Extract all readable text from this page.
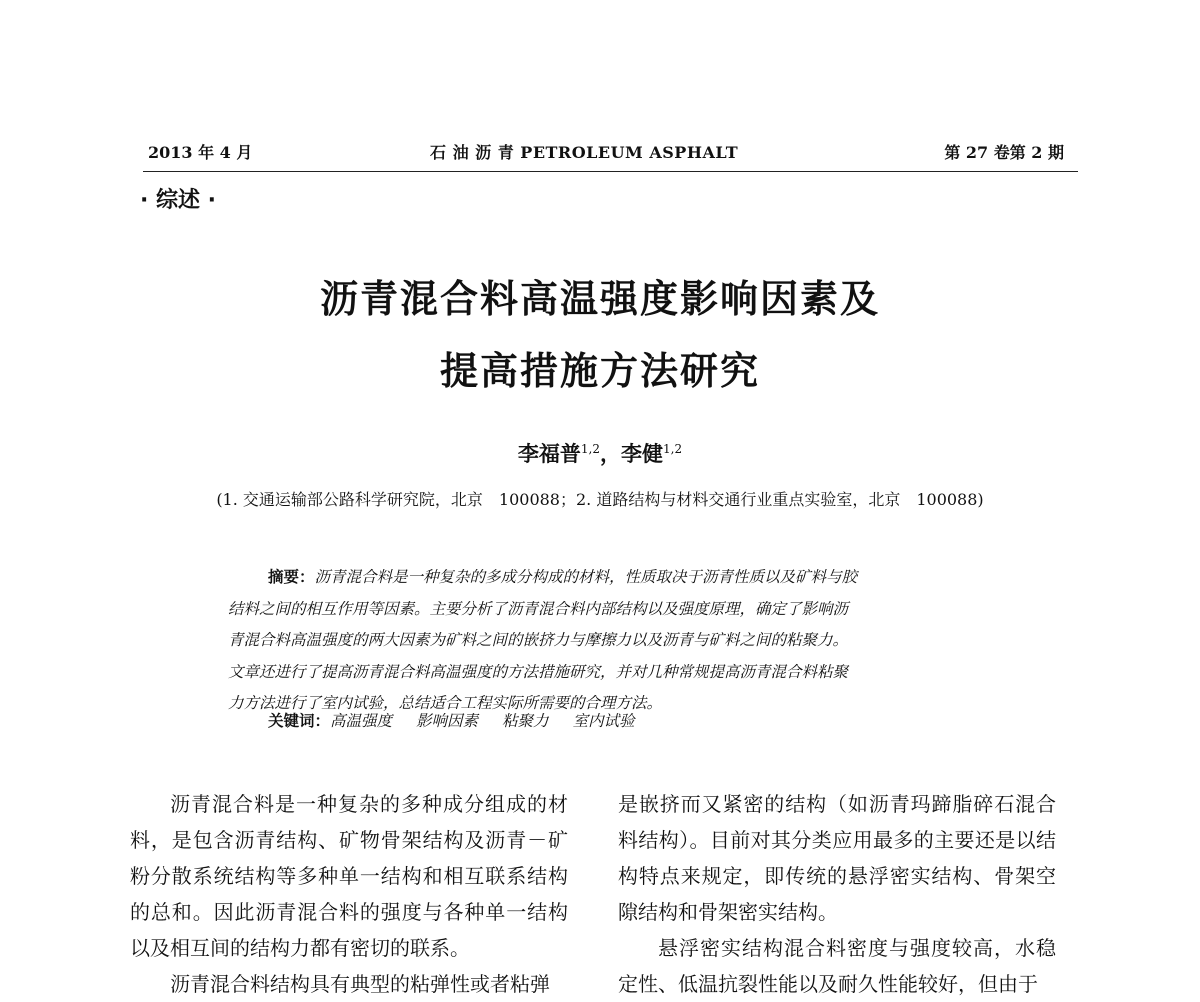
2013 年 4 月	石 油 沥 青 PETROLEUM ASPHALT	第 27 卷第 2 期
· 综述 ·
沥青混合料高温强度影响因素及
提高措施方法研究
李福普$^{1,2}$，李健$^{1,2}$
(1. 交通运输部公路科学研究院，北京　100088；2. 道路结构与材料交通行业重点实验室，北京　100088)
摘要：沥青混合料是一种复杂的多成分构成的材料，性质取决于沥青性质以及矿料与胶
结料之间的相互作用等因素。主要分析了沥青混合料内部结构以及强度原理，确定了影响沥
青混合料高温强度的两大因素为矿料之间的嵌挤力与摩擦力以及沥青与矿料之间的粘聚力。
文章还进行了提高沥青混合料高温强度的方法措施研究，并对几种常规提高沥青混合料粘聚
力方法进行了室内试验，总结适合工程实际所需要的合理方法。
关键词：高温强度 影响因素 粘聚力 室内试验

沥青混合料是一种复杂的多种成分组成的材料，是包含沥青结构、矿物骨架结构及沥青－矿粉分散系统结构等多种单一结构和相互联系结构的总和。因此沥青混合料的强度与各种单一结构以及相互间的结构力都有密切的联系。

沥青混合料结构具有典型的粘弹性或者粘弹

是嵌挤而又紧密的结构（如沥青玛蹄脂碎石混合料结构）。目前对其分类应用最多的主要还是以结构特点来规定，即传统的悬浮密实结构、骨架空隙结构和骨架密实结构。

悬浮密实结构混合料密度与强度较高，水稳定性、低温抗裂性能以及耐久性能较好，但由于
